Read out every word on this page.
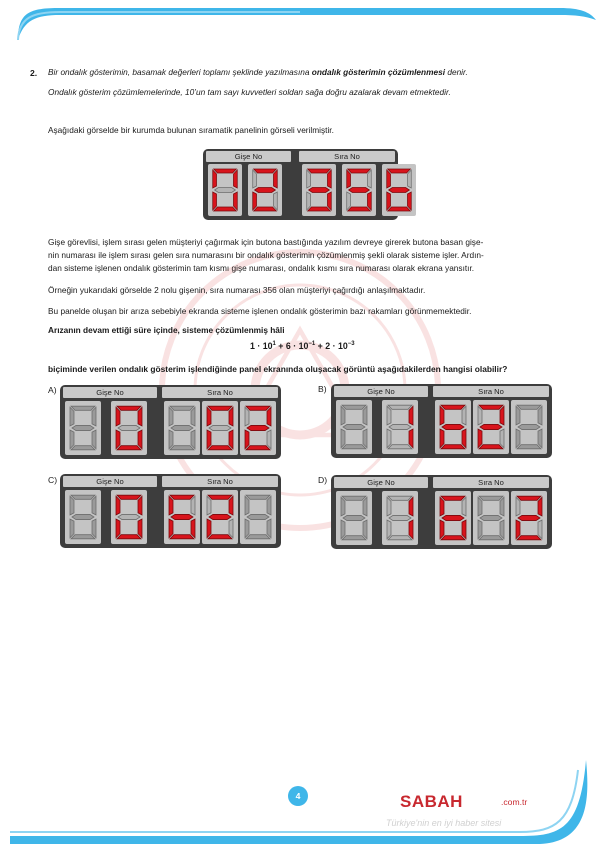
2. Bir ondalık gösterimin, basamak değerleri toplamı şeklinde yazılmasına ondalık gösterimin çözümlenmesi denir.
Ondalık gösterim çözümlemelerinde, 10’un tam sayı kuvvetleri soldan sağa doğru azalarak devam etmektedir.
Aşağıdaki görselde bir kurumda bulunan sıramatik panelinin görseli verilmiştir.
Gişe No	Sıra No
Gişe görevlisi, işlem sırası gelen müşteriyi çağırmak için butona bastığında yazılım devreye girerek butona basan gişe-
nin numarası ile işlem sırası gelen sıra numarasını bir ondalık gösterimin çözümlenmiş şekli olarak sisteme işler. Ardın-
dan sisteme işlenen ondalık gösterimin tam kısmı gişe numarası, ondalık kısmı sıra numarası olarak ekrana yansıtır.
Örneğin yukarıdaki görselde 2 nolu gişenin, sıra numarası 356 olan müşteriyi çağırdığı anlaşılmaktadır.
Bu panelde oluşan bir arıza sebebiyle ekranda sisteme işlenen ondalık gösterimin bazı rakamları görünmemektedir.
Arızanın devam ettiği süre içinde, sisteme çözümlenmiş hâli
$1 \cdot 10^1 + 6 \cdot 10^{-1} + 2 \cdot 10^{-3}$
biçiminde verilen ondalık gösterim işlendiğinde panel ekranında oluşacak görüntü aşağıdakilerden hangisi olabilir?
A)	Gişe No	Sıra No	B)	Gişe No	Sıra No
C)	Gişe No	Sıra No	D)	Gişe No	Sıra No
4	SABAH	.com.tr
Türkiye'nin en iyi haber sitesi
